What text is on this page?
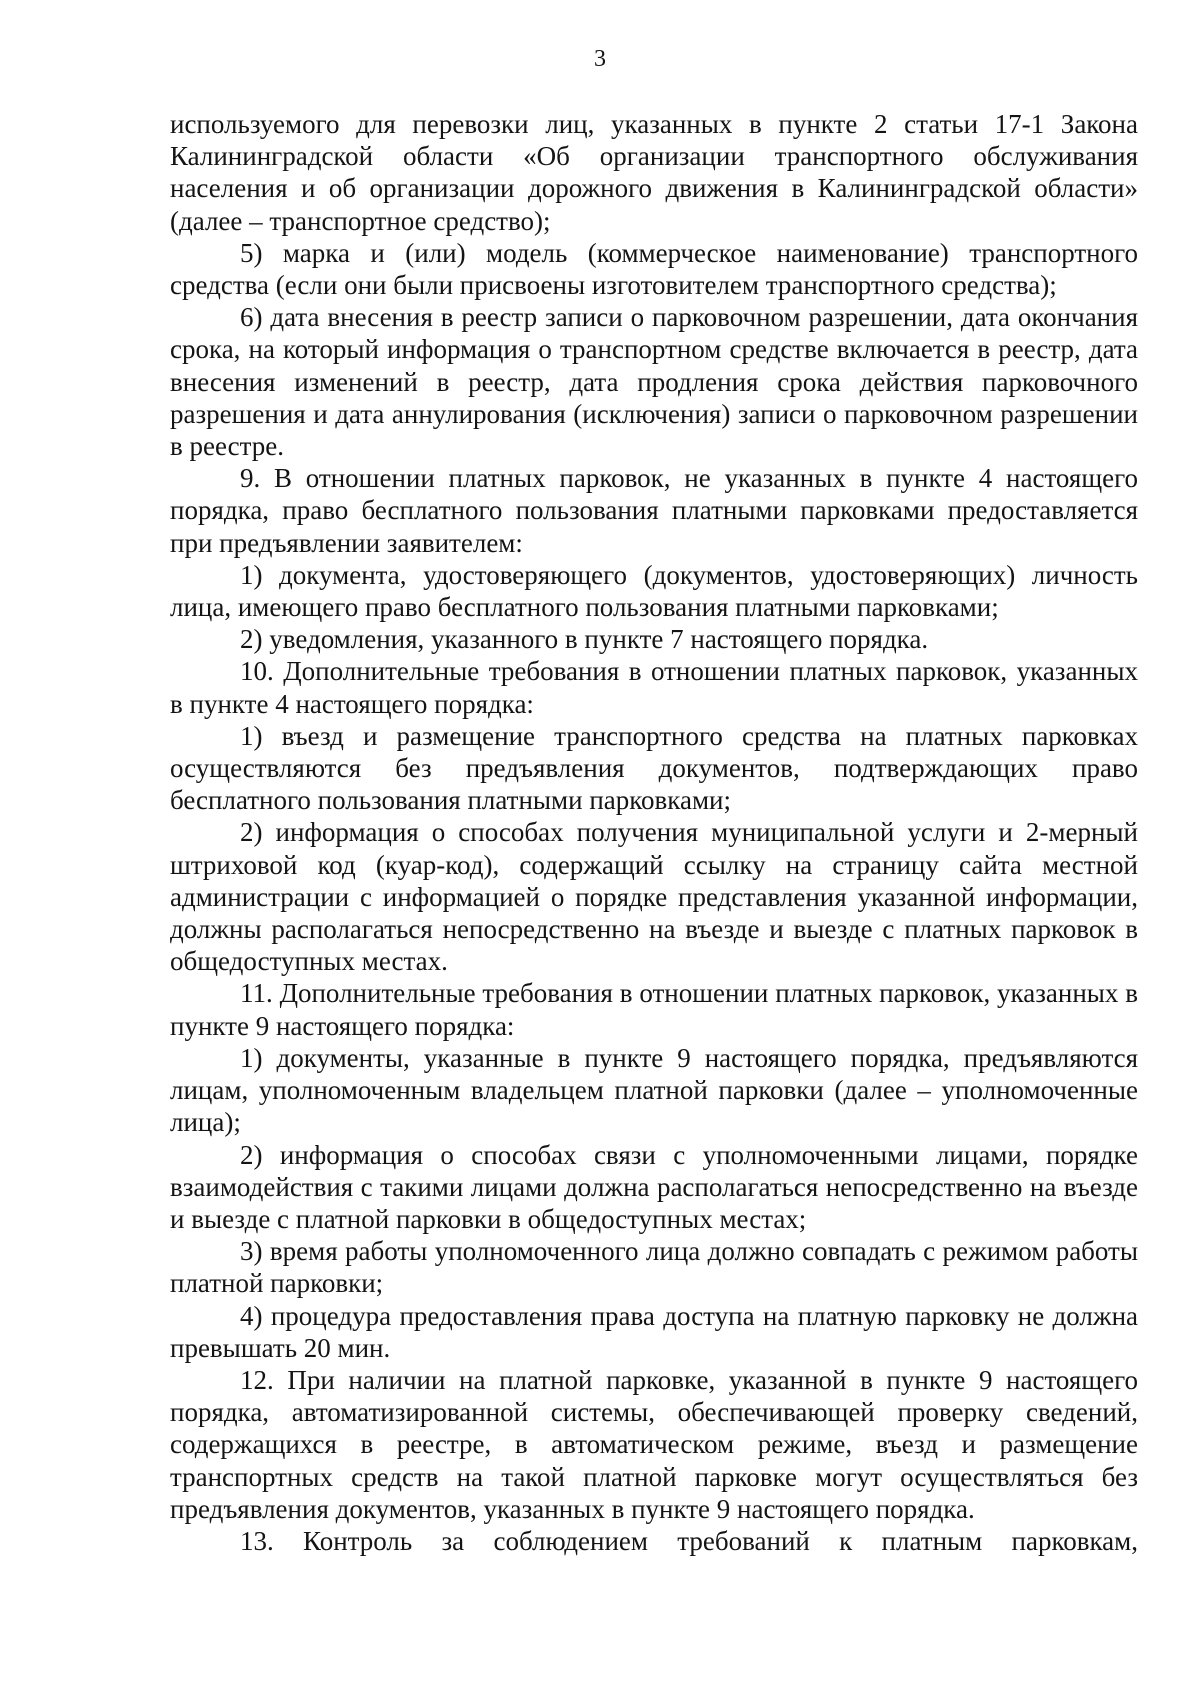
3

используемого для перевозки лиц, указанных в пункте 2 статьи 17-1 Закона Калининградской области «Об организации транспортного обслуживания населения и об организации дорожного движения в Калининградской области» (далее – транспортное средство);

5) марка и (или) модель (коммерческое наименование) транспортного средства (если они были присвоены изготовителем транспортного средства);

6) дата внесения в реестр записи о парковочном разрешении, дата окончания срока, на который информация о транспортном средстве включается в реестр, дата внесения изменений в реестр, дата продления срока действия парковочного разрешения и дата аннулирования (исключения) записи о парковочном разрешении в реестре.

9. В отношении платных парковок, не указанных в пункте 4 настоящего порядка, право бесплатного пользования платными парковками предоставляется при предъявлении заявителем:

1) документа, удостоверяющего (документов, удостоверяющих) личность лица, имеющего право бесплатного пользования платными парковками;

2) уведомления, указанного в пункте 7 настоящего порядка.

10. Дополнительные требования в отношении платных парковок, указанных в пункте 4 настоящего порядка:

1) въезд и размещение транспортного средства на платных парковках осуществляются без предъявления документов, подтверждающих право бесплатного пользования платными парковками;

2) информация о способах получения муниципальной услуги и 2-мерный штриховой код (куар-код), содержащий ссылку на страницу сайта местной администрации с информацией о порядке представления указанной информации, должны располагаться непосредственно на въезде и выезде с платных парковок в общедоступных местах.

11. Дополнительные требования в отношении платных парковок, указанных в пункте 9 настоящего порядка:

1) документы, указанные в пункте 9 настоящего порядка, предъявляются лицам, уполномоченным владельцем платной парковки (далее – уполномоченные лица);

2) информация о способах связи с уполномоченными лицами, порядке взаимодействия с такими лицами должна располагаться непосредственно на въезде и выезде с платной парковки в общедоступных местах;

3) время работы уполномоченного лица должно совпадать с режимом работы платной парковки;

4) процедура предоставления права доступа на платную парковку не должна превышать 20 мин.

12. При наличии на платной парковке, указанной в пункте 9 настоящего порядка, автоматизированной системы, обеспечивающей проверку сведений, содержащихся в реестре, в автоматическом режиме, въезд и размещение транспортных средств на такой платной парковке могут осуществляться без предъявления документов, указанных в пункте 9 настоящего порядка.

13. Контроль за соблюдением требований к платным парковкам,
